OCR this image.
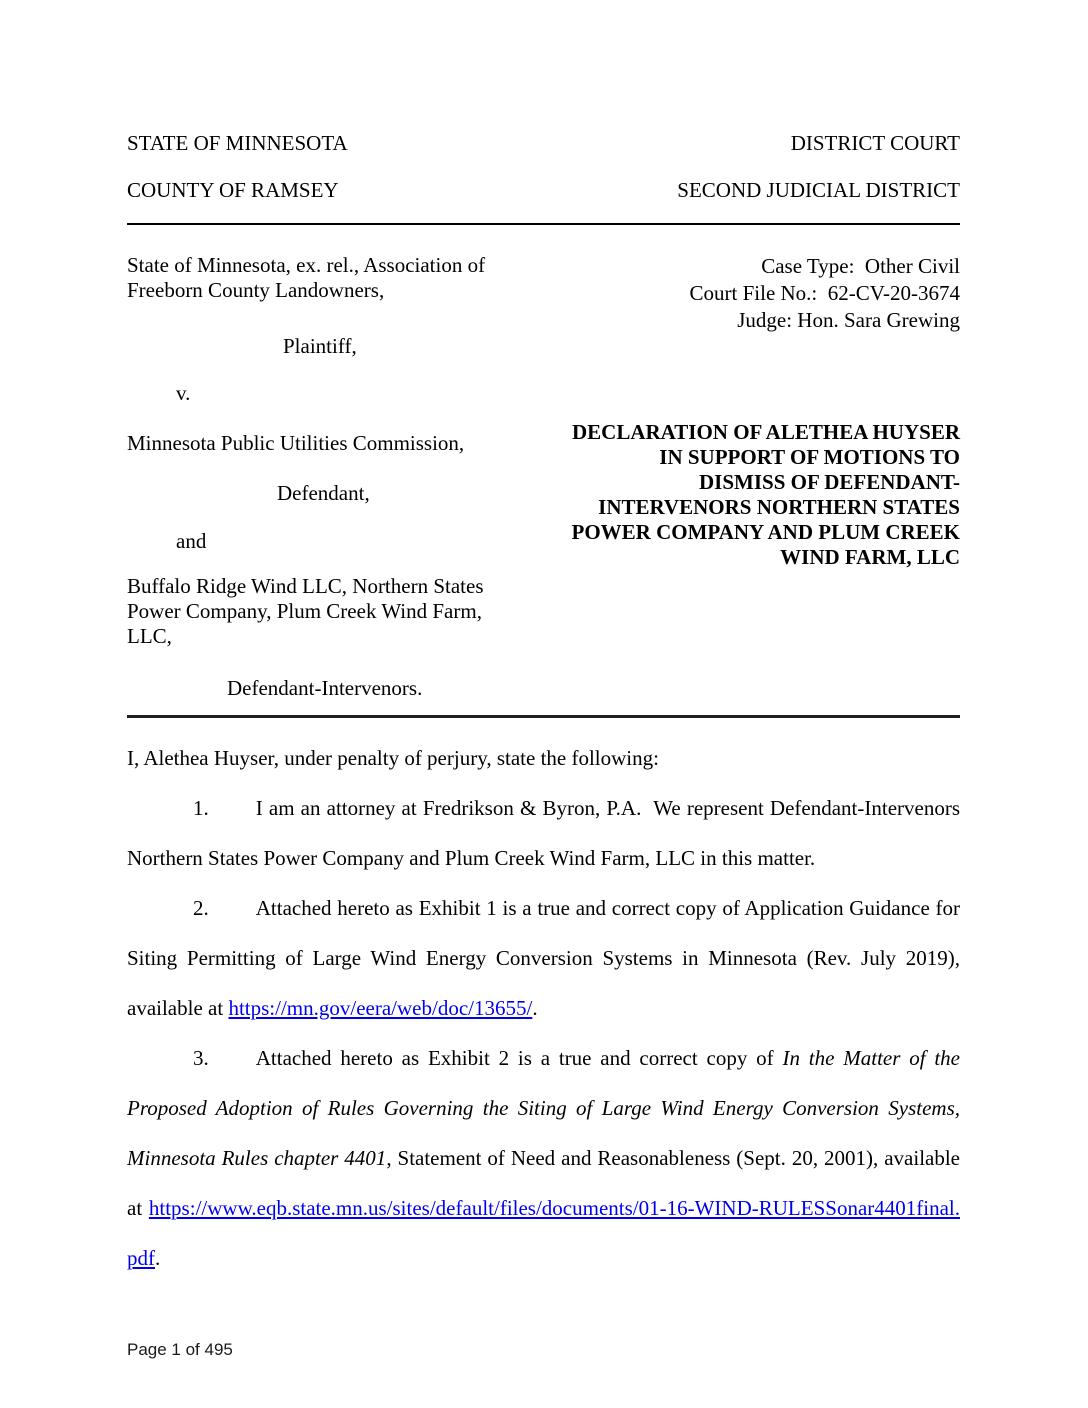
STATE OF MINNESOTA	DISTRICT COURT
COUNTY OF RAMSEY	SECOND JUDICIAL DISTRICT
State of Minnesota, ex. rel., Association of Freeborn County Landowners,
Plaintiff,
v.
Minnesota Public Utilities Commission,
Defendant,
and
Buffalo Ridge Wind LLC, Northern States Power Company, Plum Creek Wind Farm, LLC,
Defendant-Intervenors.
Case Type:  Other Civil
Court File No.:  62-CV-20-3674
Judge: Hon. Sara Grewing
DECLARATION OF ALETHEA HUYSER
IN SUPPORT OF MOTIONS TO
DISMISS OF DEFENDANT-
INTERVENORS NORTHERN STATES
POWER COMPANY AND PLUM CREEK
WIND FARM, LLC

I, Alethea Huyser, under penalty of perjury, state the following:

1. I am an attorney at Fredrikson & Byron, P.A.  We represent Defendant-Intervenors Northern States Power Company and Plum Creek Wind Farm, LLC in this matter.

2. Attached hereto as Exhibit 1 is a true and correct copy of Application Guidance for Siting Permitting of Large Wind Energy Conversion Systems in Minnesota (Rev. July 2019), available at https://mn.gov/eera/web/doc/13655/.

3. Attached hereto as Exhibit 2 is a true and correct copy of In the Matter of the Proposed Adoption of Rules Governing the Siting of Large Wind Energy Conversion Systems, Minnesota Rules chapter 4401, Statement of Need and Reasonableness (Sept. 20, 2001), available at https://www.eqb.state.mn.us/sites/default/files/documents/01-16-WIND-RULESSonar4401final.pdf.

Page 1 of 495
